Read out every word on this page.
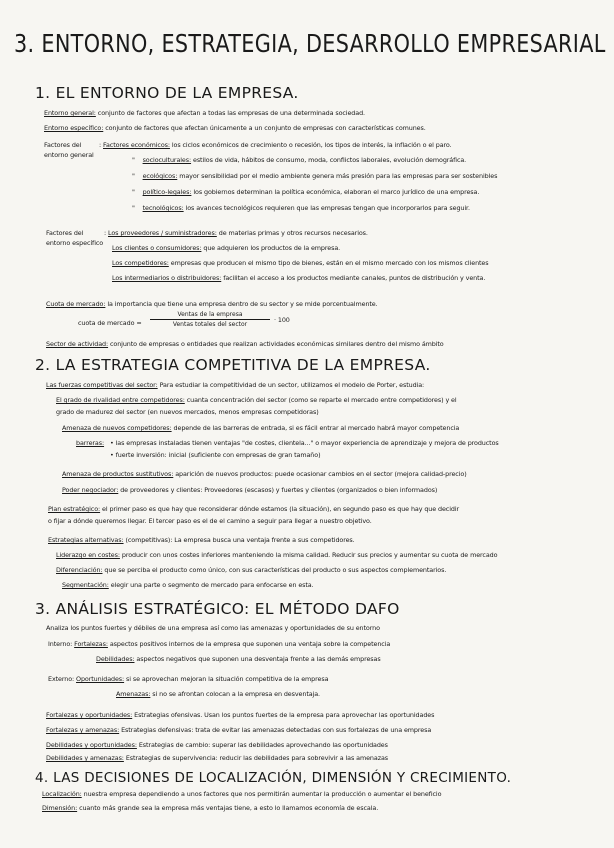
3. ENTORNO, ESTRATEGIA, DESARROLLO EMPRESARIAL
1. EL ENTORNO DE LA EMPRESA.
Entorno general: conjunto de factores que afectan a todas las empresas de una determinada sociedad.
Entorno específico: conjunto de factores que afectan únicamente a un conjunto de empresas con características comunes.
Factores del
entorno general
: Factores económicos: los ciclos económicos de crecimiento o recesión, los tipos de interés, la inflación o el paro.
" socioculturales: estilos de vida, hábitos de consumo, moda, conflictos laborales, evolución demográfica.
" ecológicos: mayor sensibilidad por el medio ambiente genera más presión para las empresas para ser sostenibles
" político-legales: los gobiernos determinan la política económica, elaboran el marco jurídico de una empresa.
" tecnológicos: los avances tecnológicos requieren que las empresas tengan que incorporarlos para seguir.
Factores del
entorno específico
: Los proveedores / suministradores: de materias primas y otros recursos necesarios.
Los clientes o consumidores: que adquieren los productos de la empresa.
Los competidores: empresas que producen el mismo tipo de bienes, están en el mismo mercado con los mismos clientes
Los intermediarios o distribuidores: facilitan el acceso a los productos mediante canales, puntos de distribución y venta.
Cuota de mercado: la importancia que tiene una empresa dentro de su sector y se mide porcentualmente.
cuota de mercado =
Ventas de la empresa
Ventas totales del sector
· 100
Sector de actividad: conjunto de empresas o entidades que realizan actividades económicas similares dentro del mismo ámbito
2. LA ESTRATEGIA COMPETITIVA DE LA EMPRESA.
Las fuerzas competitivas del sector: Para estudiar la competitividad de un sector, utilizamos el modelo de Porter, estudia:
El grado de rivalidad entre competidores: cuanta concentración del sector (como se reparte el mercado entre competidores) y el
grado de madurez del sector (en nuevos mercados, menos empresas competidoras)
Amenaza de nuevos competidores: depende de las barreras de entrada, si es fácil entrar al mercado habrá mayor competencia
barreras: • las empresas instaladas tienen ventajas "de costes, clientela..." o mayor experiencia de aprendizaje y mejora de productos
• fuerte inversión: inicial (suficiente con empresas de gran tamaño)
Amenaza de productos sustitutivos: aparición de nuevos productos: puede ocasionar cambios en el sector (mejora calidad-precio)
Poder negociador: de proveedores y clientes: Proveedores (escasos) y fuertes y clientes (organizados o bien informados)
Plan estratégico: el primer paso es que hay que reconsiderar dónde estamos (la situación), en segundo paso es que hay que decidir
o fijar a dónde queremos llegar. El tercer paso es el de el camino a seguir para llegar a nuestro objetivo.
Estrategias alternativas: (competitivas): La empresa busca una ventaja frente a sus competidores.
Liderazgo en costes: producir con unos costes inferiores manteniendo la misma calidad. Reducir sus precios y aumentar su cuota de mercado
Diferenciación: que se perciba el producto como único, con sus características del producto o sus aspectos complementarios.
Segmentación: elegir una parte o segmento de mercado para enfocarse en esta.
3. ANÁLISIS ESTRATÉGICO: EL MÉTODO DAFO
Analiza los puntos fuertes y débiles de una empresa así como las amenazas y oportunidades de su entorno
Interno: Fortalezas: aspectos positivos internos de la empresa que suponen una ventaja sobre la competencia
Debilidades: aspectos negativos que suponen una desventaja frente a las demás empresas
Externo: Oportunidades: si se aprovechan mejoran la situación competitiva de la empresa
Amenazas: si no se afrontan colocan a la empresa en desventaja.
Fortalezas y oportunidades: Estrategias ofensivas. Usan los puntos fuertes de la empresa para aprovechar las oportunidades
Fortalezas y amenazas: Estrategias defensivas: trata de evitar las amenazas detectadas con sus fortalezas de una empresa
Debilidades y oportunidades: Estrategias de cambio: superar las debilidades aprovechando las oportunidades
Debilidades y amenazas: Estrategias de supervivencia: reducir las debilidades para sobrevivir a las amenazas
4. LAS DECISIONES DE LOCALIZACIÓN, DIMENSIÓN Y CRECIMIENTO.
Localización: nuestra empresa dependiendo a unos factores que nos permitirán aumentar la producción o aumentar el beneficio
Dimensión: cuanto más grande sea la empresa más ventajas tiene, a esto lo llamamos economía de escala.
